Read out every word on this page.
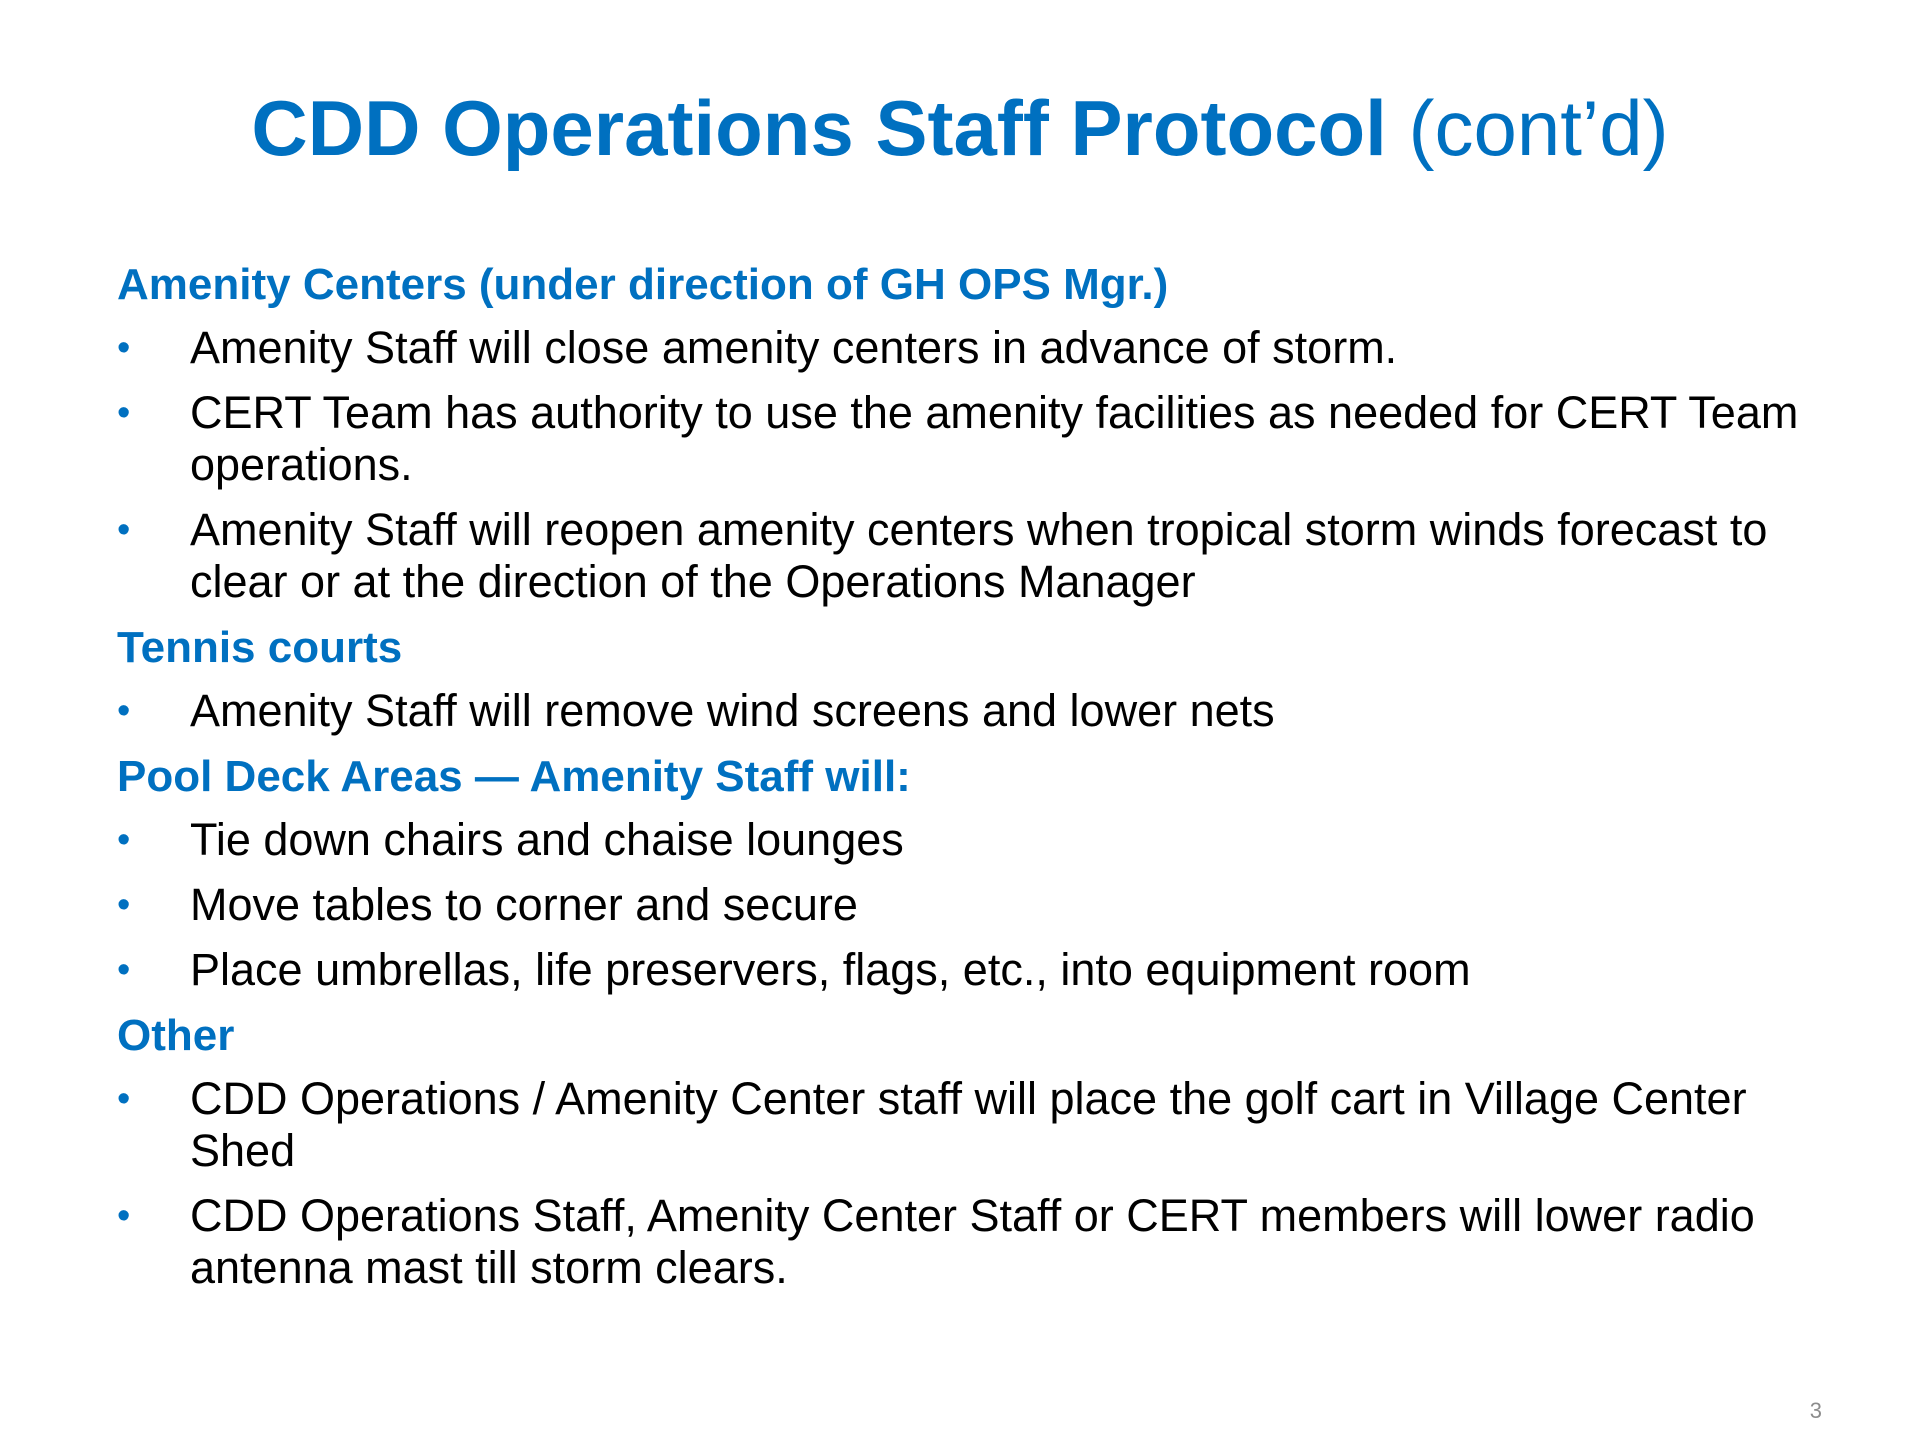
CDD Operations Staff Protocol (cont’d)
Amenity Centers (under direction of GH OPS Mgr.)
• Amenity Staff will close amenity centers in advance of storm.
• CERT Team has authority to use the amenity facilities as needed for CERT Team operations.
• Amenity Staff will reopen amenity centers when tropical storm winds forecast to clear or at the direction of the Operations Manager
Tennis courts
• Amenity Staff will remove wind screens and lower nets
Pool Deck Areas — Amenity Staff will:
• Tie down chairs and chaise lounges
• Move tables to corner and secure
• Place umbrellas, life preservers, flags, etc., into equipment room
Other
• CDD Operations / Amenity Center staff will place the golf cart in Village Center Shed
• CDD Operations Staff, Amenity Center Staff or CERT members will lower radio antenna mast till storm clears.
3
